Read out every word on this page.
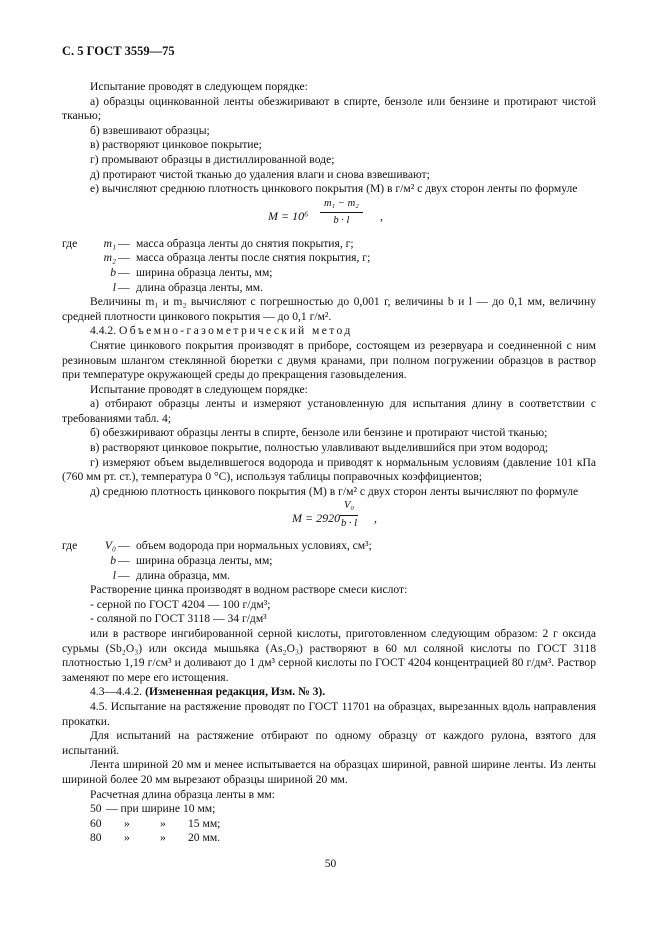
С. 5 ГОСТ 3559—75

Испытание проводят в следующем порядке:

а) образцы оцинкованной ленты обезжиривают в спирте, бензоле или бензине и протирают чистой тканью;

б) взвешивают образцы;

в) растворяют цинковое покрытие;

г) промывают образцы в дистиллированной воде;

д) протирают чистой тканью до удаления влаги и снова взвешивают;

е) вычисляют среднюю плотность цинкового покрытия (М) в г/м² с двух сторон ленты по формуле

$M = 10^6 \frac{\text{m₁ − m₂}}{b \cdot l}$ ,
где m₁ — масса образца ленты до снятия покрытия, г;
m₂ — масса образца ленты после снятия покрытия, г;
b — ширина образца ленты, мм;
l — длина образца ленты, мм.

Величины m₁ и m₂ вычисляют с погрешностью до 0,001 г, величины b и l — до 0,1 мм, величину средней плотности цинкового покрытия — до 0,1 г/м².

4.4.2. Объемно-газометрический метод

Снятие цинкового покрытия производят в приборе, состоящем из резервуара и соединенной с ним резиновым шлангом стеклянной бюретки с двумя кранами, при полном погружении образцов в раствор при температуре окружающей среды до прекращения газовыделения.

Испытание проводят в следующем порядке:

а) отбирают образцы ленты и измеряют установленную для испытания длину в соответствии с требованиями табл. 4;

б) обезжиривают образцы ленты в спирте, бензоле или бензине и протирают чистой тканью;

в) растворяют цинковое покрытие, полностью улавливают выделившийся при этом водород;

г) измеряют объем выделившегося водорода и приводят к нормальным условиям (давление 101 кПа (760 мм рт. ст.), температура 0 °С), используя таблицы поправочных коэффициентов;

д) среднюю плотность цинкового покрытия (М) в г/м² с двух сторон ленты вычисляют по формуле

$M = 2920 \frac{\text{V₀}}{b \cdot l}$ ,
где V₀ — объем водорода при нормальных условиях, см³;
b — ширина образца ленты, мм;
l — длина образца, мм.

Растворение цинка производят в водном растворе смеси кислот:

- серной по ГОСТ 4204 — 100 г/дм³;

- соляной по ГОСТ 3118 — 34 г/дм³

или в растворе ингибированной серной кислоты, приготовленном следующим образом: 2 г оксида сурьмы (Sb₂O₃) или оксида мышьяка (As₂O₃) растворяют в 60 мл соляной кислоты по ГОСТ 3118 плотностью 1,19 г/см³ и доливают до 1 дм³ серной кислоты по ГОСТ 4204 концентрацией 80 г/дм³. Раствор заменяют по мере его истощения.

4.3—4.4.2. (Измененная редакция, Изм. № 3).

4.5. Испытание на растяжение проводят по ГОСТ 11701 на образцах, вырезанных вдоль направления прокатки.

Для испытаний на растяжение отбирают по одному образцу от каждого рулона, взятого для испытаний.

Лента шириной 20 мм и менее испытывается на образцах шириной, равной ширине ленты. Из ленты шириной более 20 мм вырезают образцы шириной 20 мм.

Расчетная длина образца ленты в мм:

50 — при ширине 10 мм;
60 »	» 15 мм;
80 »	» 20 мм.
50
